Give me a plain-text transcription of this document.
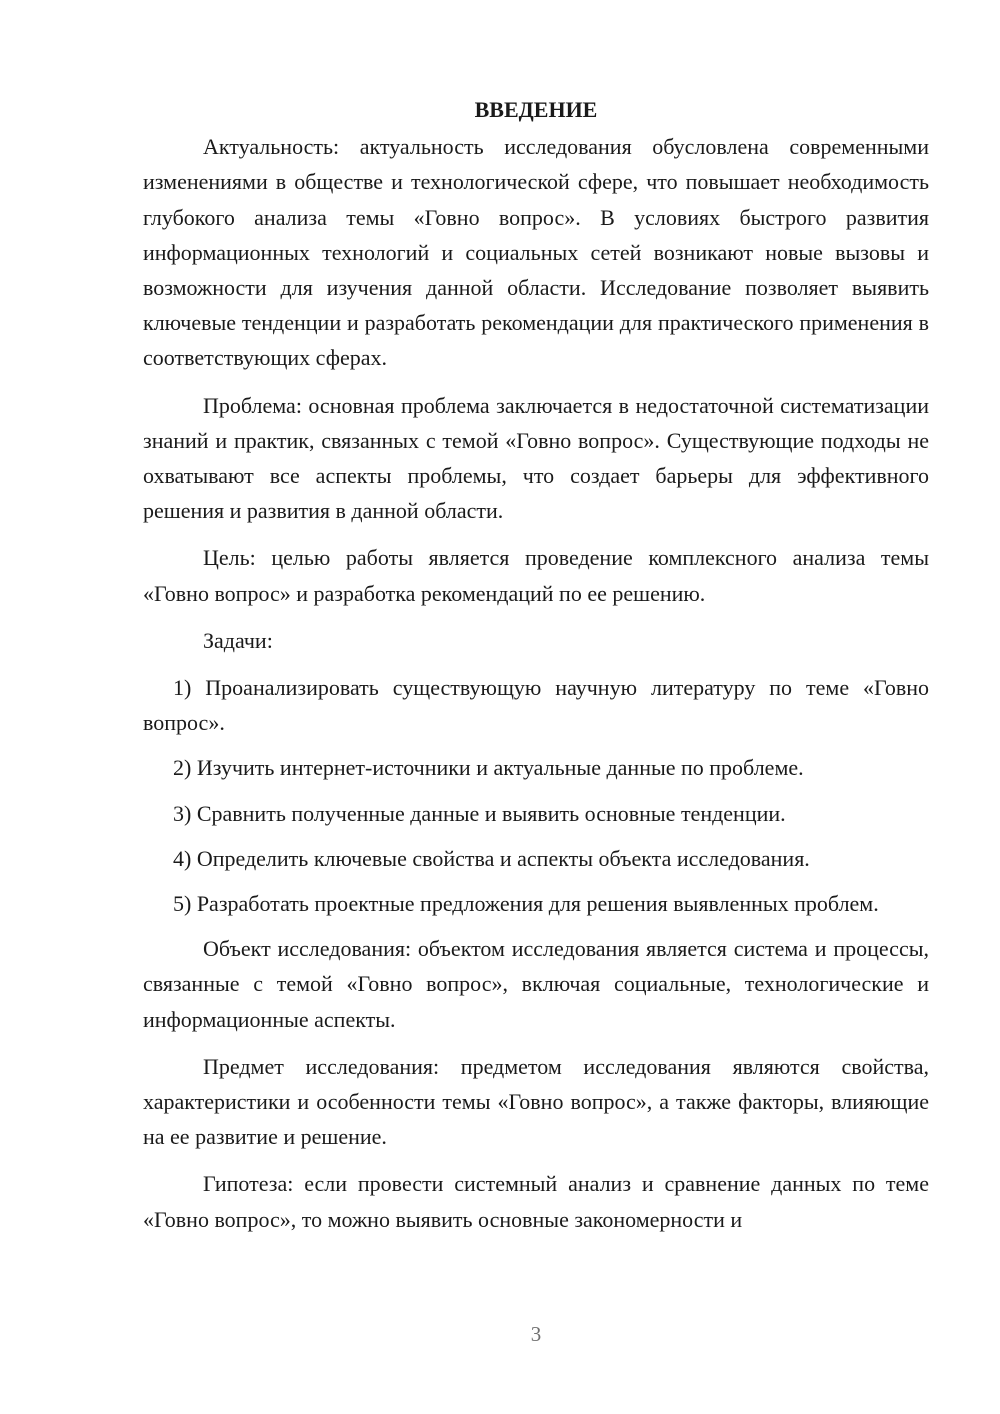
ВВЕДЕНИЕ

Актуальность: актуальность исследования обусловлена современными изменениями в обществе и технологической сфере, что повышает необходимость глубокого анализа темы «Говно вопрос». В условиях быстрого развития информационных технологий и социальных сетей возникают новые вызовы и возможности для изучения данной области. Исследование позволяет выявить ключевые тенденции и разработать рекомендации для практического применения в соответствующих сферах.

Проблема: основная проблема заключается в недостаточной систематизации знаний и практик, связанных с темой «Говно вопрос». Существующие подходы не охватывают все аспекты проблемы, что создает барьеры для эффективного решения и развития в данной области.

Цель: целью работы является проведение комплексного анализа темы «Говно вопрос» и разработка рекомендаций по ее решению.

Задачи:

1) Проанализировать существующую научную литературу по теме «Говно вопрос».

2) Изучить интернет-источники и актуальные данные по проблеме.

3) Сравнить полученные данные и выявить основные тенденции.

4) Определить ключевые свойства и аспекты объекта исследования.

5) Разработать проектные предложения для решения выявленных проблем.

Объект исследования: объектом исследования является система и процессы, связанные с темой «Говно вопрос», включая социальные, технологические и информационные аспекты.

Предмет исследования: предметом исследования являются свойства, характеристики и особенности темы «Говно вопрос», а также факторы, влияющие на ее развитие и решение.

Гипотеза: если провести системный анализ и сравнение данных по теме «Говно вопрос», то можно выявить основные закономерности и

3
